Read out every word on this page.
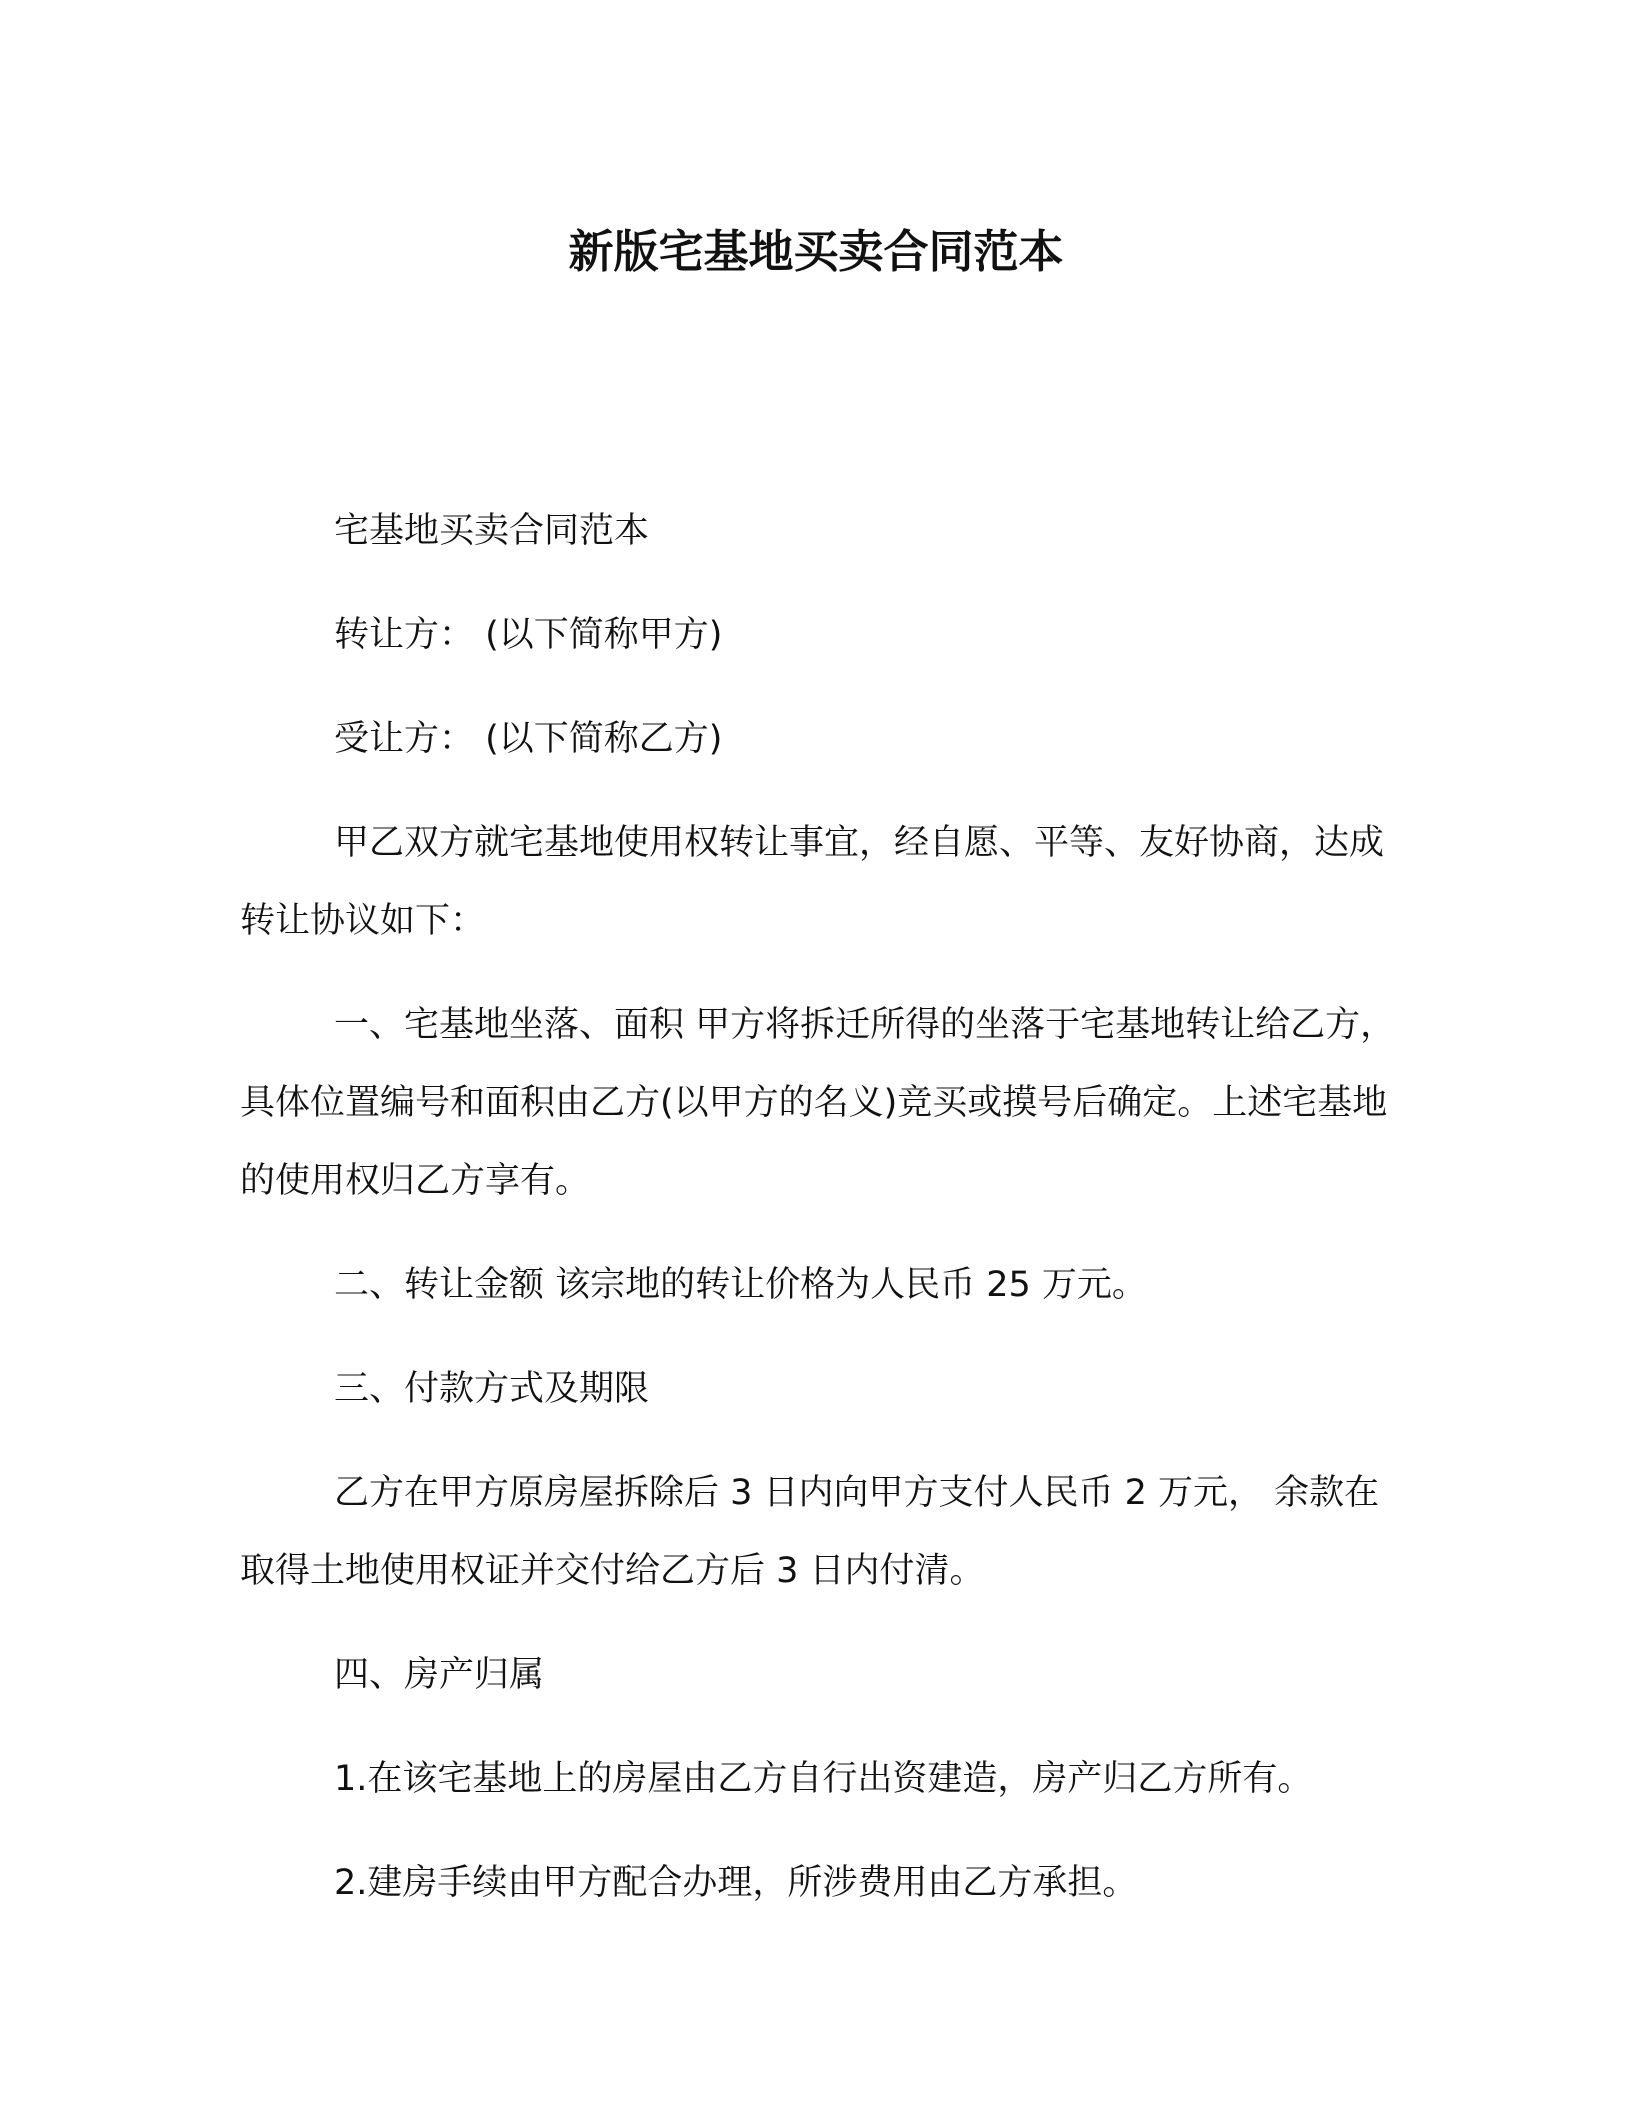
新版宅基地买卖合同范本

宅基地买卖合同范本

转让方： (以下简称甲方)

受让方： (以下简称乙方)

甲乙双方就宅基地使用权转让事宜，经自愿、平等、友好协商，达成转让协议如下：

一、宅基地坐落、面积 甲方将拆迁所得的坐落于宅基地转让给乙方， 具体位置编号和面积由乙方(以甲方的名义)竞买或摸号后确定。上述宅基地的使用权归乙方享有。

二、转让金额 该宗地的转让价格为人民币 25 万元。

三、付款方式及期限

乙方在甲方原房屋拆除后 3 日内向甲方支付人民币 2 万元， 余款在取得土地使用权证并交付给乙方后 3 日内付清。

四、房产归属

1.在该宅基地上的房屋由乙方自行出资建造，房产归乙方所有。

2.建房手续由甲方配合办理，所涉费用由乙方承担。
